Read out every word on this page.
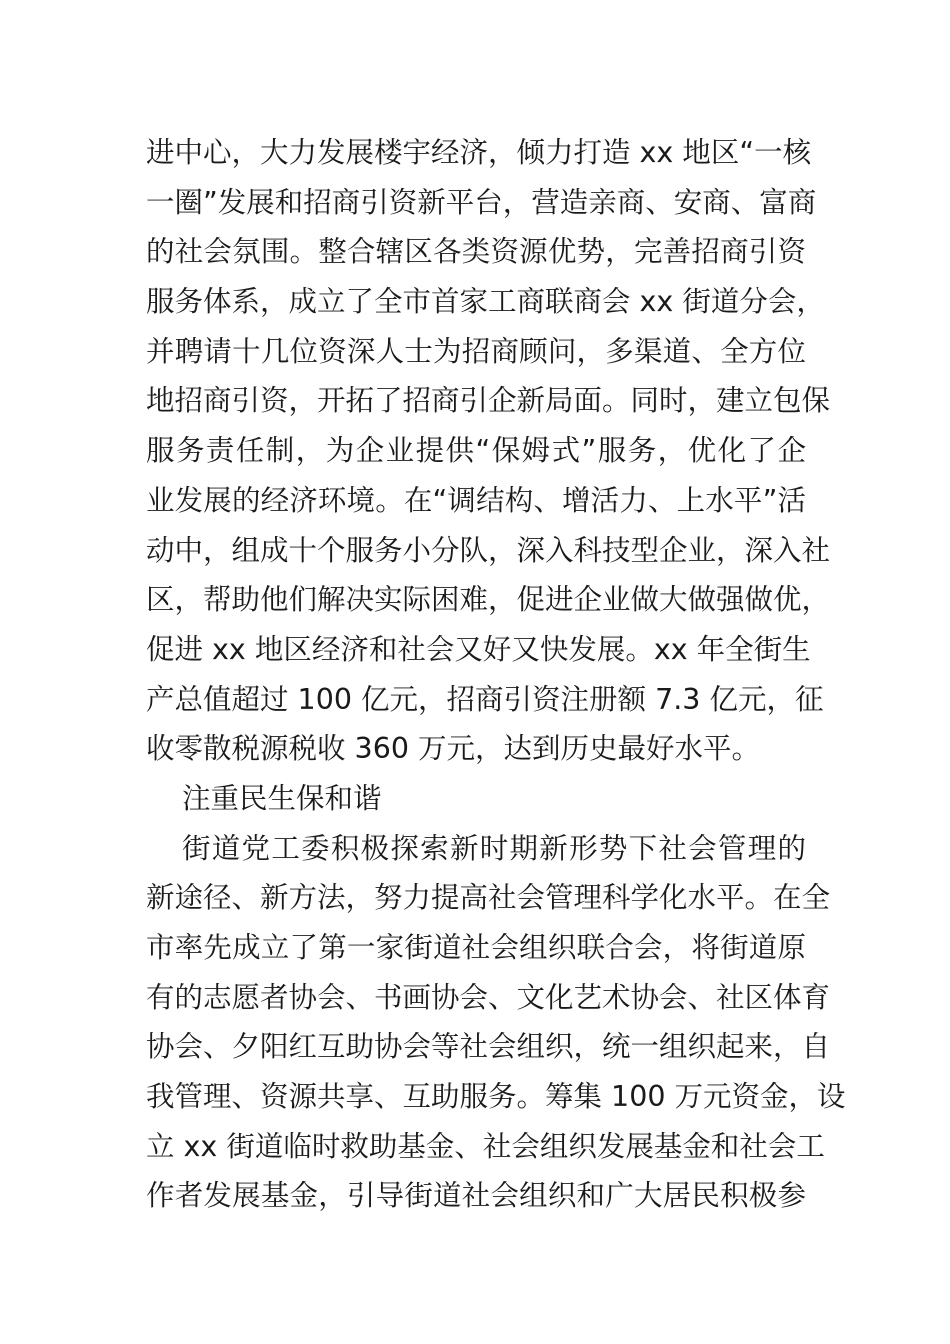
进中心，大力发展楼宇经济，倾力打造 xx 地区“一核
一圈”发展和招商引资新平台，营造亲商、安商、富商
的社会氛围。整合辖区各类资源优势，完善招商引资
服务体系，成立了全市首家工商联商会 xx 街道分会，
并聘请十几位资深人士为招商顾问，多渠道、全方位
地招商引资，开拓了招商引企新局面。同时，建立包保
服务责任制，为企业提供“保姆式”服务，优化了企
业发展的经济环境。在“调结构、增活力、上水平”活
动中，组成十个服务小分队，深入科技型企业，深入社
区，帮助他们解决实际困难，促进企业做大做强做优，
促进 xx 地区经济和社会又好又快发展。xx 年全街生
产总值超过 100 亿元，招商引资注册额 7.3 亿元，征
收零散税源税收 360 万元，达到历史最好水平。
注重民生保和谐
街道党工委积极探索新时期新形势下社会管理的
新途径、新方法，努力提高社会管理科学化水平。在全
市率先成立了第一家街道社会组织联合会，将街道原
有的志愿者协会、书画协会、文化艺术协会、社区体育
协会、夕阳红互助协会等社会组织，统一组织起来，自
我管理、资源共享、互助服务。筹集 100 万元资金，设
立 xx 街道临时救助基金、社会组织发展基金和社会工
作者发展基金，引导街道社会组织和广大居民积极参
